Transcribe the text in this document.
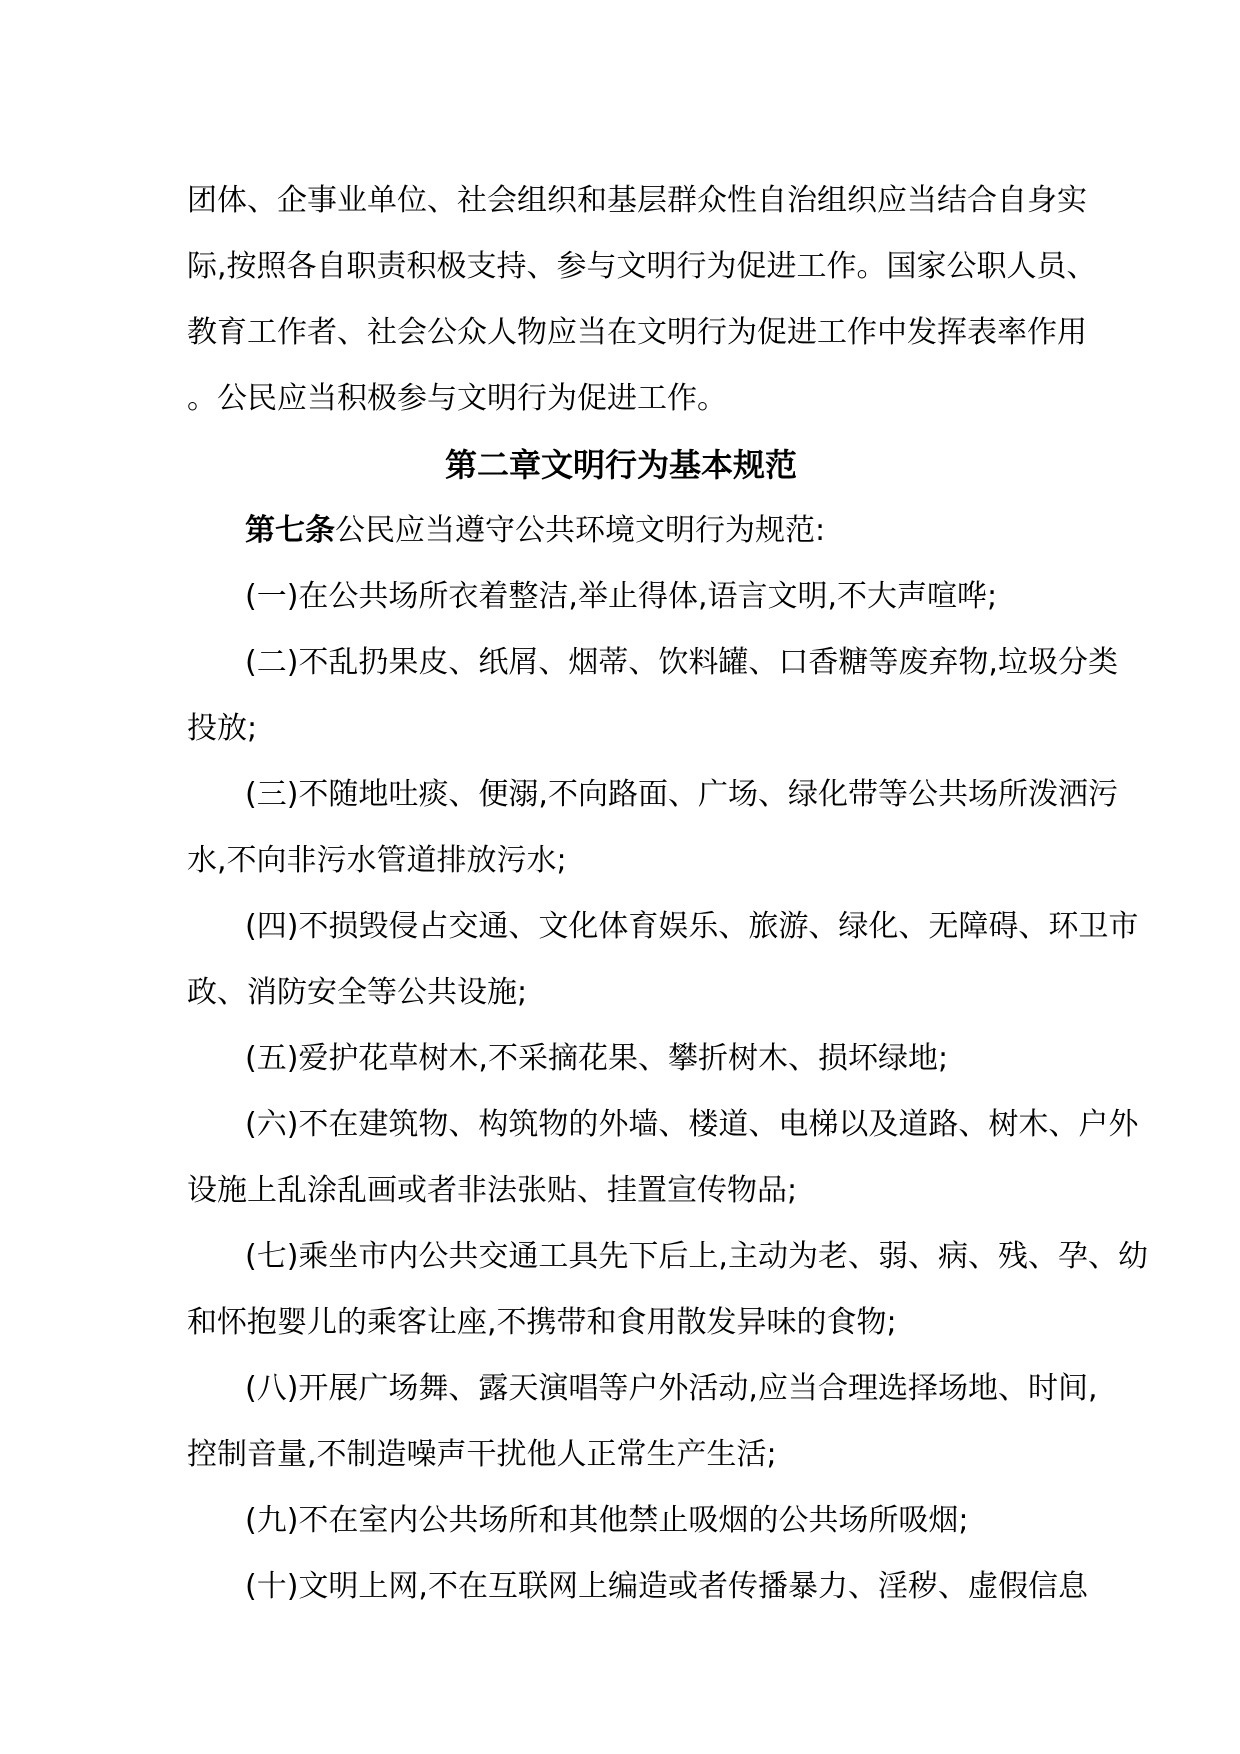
团体、企事业单位、社会组织和基层群众性自治组织应当结合自身实

际,按照各自职责积极支持、参与文明行为促进工作。国家公职人员、

教育工作者、社会公众人物应当在文明行为促进工作中发挥表率作用

。公民应当积极参与文明行为促进工作。

第二章文明行为基本规范

第七条公民应当遵守公共环境文明行为规范:

(一)在公共场所衣着整洁,举止得体,语言文明,不大声喧哗;

(二)不乱扔果皮、纸屑、烟蒂、饮料罐、口香糖等废弃物,垃圾分类

投放;

(三)不随地吐痰、便溺,不向路面、广场、绿化带等公共场所泼洒污

水,不向非污水管道排放污水;

(四)不损毁侵占交通、文化体育娱乐、旅游、绿化、无障碍、环卫市

政、消防安全等公共设施;

(五)爱护花草树木,不采摘花果、攀折树木、损坏绿地;

(六)不在建筑物、构筑物的外墙、楼道、电梯以及道路、树木、户外

设施上乱涂乱画或者非法张贴、挂置宣传物品;

(七)乘坐市内公共交通工具先下后上,主动为老、弱、病、残、孕、幼

和怀抱婴儿的乘客让座,不携带和食用散发异味的食物;

(八)开展广场舞、露天演唱等户外活动,应当合理选择场地、时间,

控制音量,不制造噪声干扰他人正常生产生活;

(九)不在室内公共场所和其他禁止吸烟的公共场所吸烟;

(十)文明上网,不在互联网上编造或者传播暴力、淫秽、虚假信息
